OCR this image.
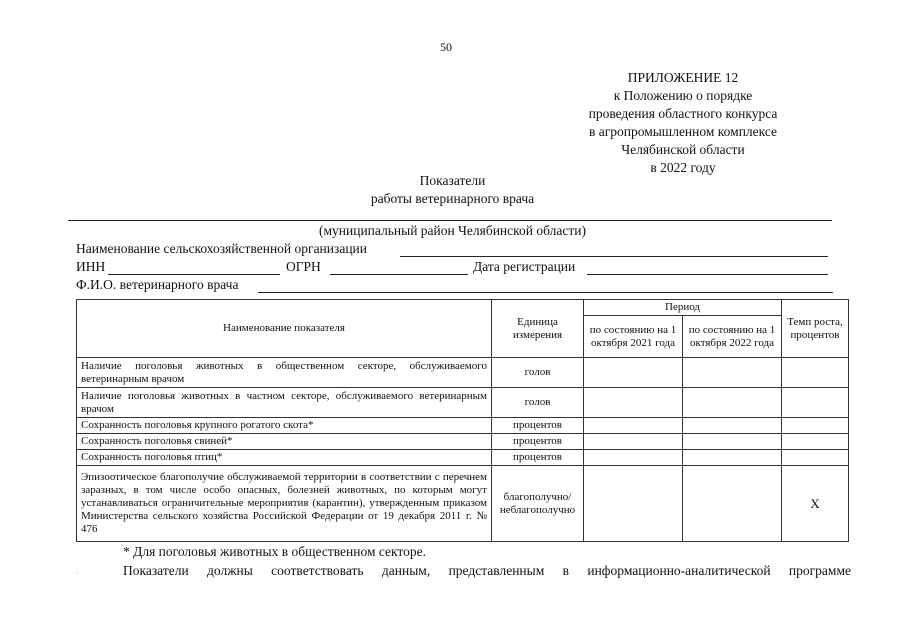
50
ПРИЛОЖЕНИЕ 12
к Положению о порядке
проведения областного конкурса
в агропромышленном комплексе
Челябинской области
в 2022 году
Показатели
работы ветеринарного врача
(муниципальный район Челябинской области)
Наименование сельскохозяйственной организации
ИНН	ОГРН	Дата регистрации
Ф.И.О. ветеринарного врача
Наименование показателя	Единица измерения	Период		Темп роста, процентов
		по состоянию на 1 октября 2021 года	по состоянию на 1 октября 2022 года	
Наличие поголовья животных в общественном секторе, обслуживаемого ветеринарным врачом	голов			
Наличие поголовья животных в частном секторе, обслуживаемого ветеринарным врачом	голов			
Сохранность поголовья крупного рогатого скота*	процентов			
Сохранность поголовья свиней*	процентов			
Сохранность поголовья птиц*	процентов			
Эпизоотическое благополучие обслуживаемой территории в соответствии с перечнем заразных, в том числе особо опасных, болезней животных, по которым могут устанавливаться ограничительные мероприятия (карантин), утвержденным приказом Министерства сельского хозяйства Российской Федерации от 19 декабря 2011 г. № 476	благополучно/ неблагополучно			Х
* Для поголовья животных в общественном секторе.
·	Показатели должны соответствовать данным, представленным в информационно-аналитической программе
